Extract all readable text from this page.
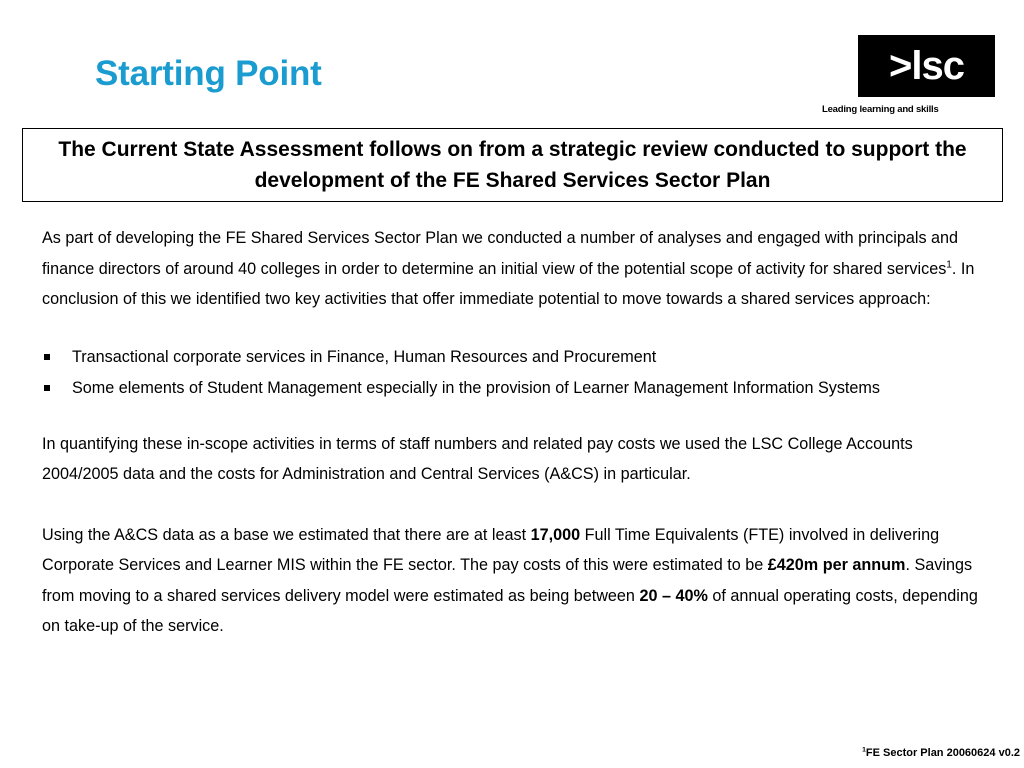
Starting Point	>lsc
Leading learning and skills
The Current State Assessment follows on from a strategic review conducted to support the development of the FE Shared Services Sector Plan

As part of developing the FE Shared Services Sector Plan we conducted a number of analyses and engaged with principals and finance directors of around 40 colleges in order to determine an initial view of the potential scope of activity for shared services$^1$. In conclusion of this we identified two key activities that offer immediate potential to move towards a shared services approach:

Transactional corporate services in Finance, Human Resources and Procurement
Some elements of Student Management especially in the provision of Learner Management Information Systems

In quantifying these in-scope activities in terms of staff numbers and related pay costs we used the LSC College Accounts 2004/2005 data and the costs for Administration and Central Services (A&CS) in particular.

Using the A&CS data as a base we estimated that there are at least 17,000 Full Time Equivalents (FTE) involved in delivering Corporate Services and Learner MIS within the FE sector. The pay costs of this were estimated to be £420m per annum. Savings from moving to a shared services delivery model were estimated as being between 20 – 40% of annual operating costs, depending on take-up of the service.

$^1$FE Sector Plan 20060624 v0.2
